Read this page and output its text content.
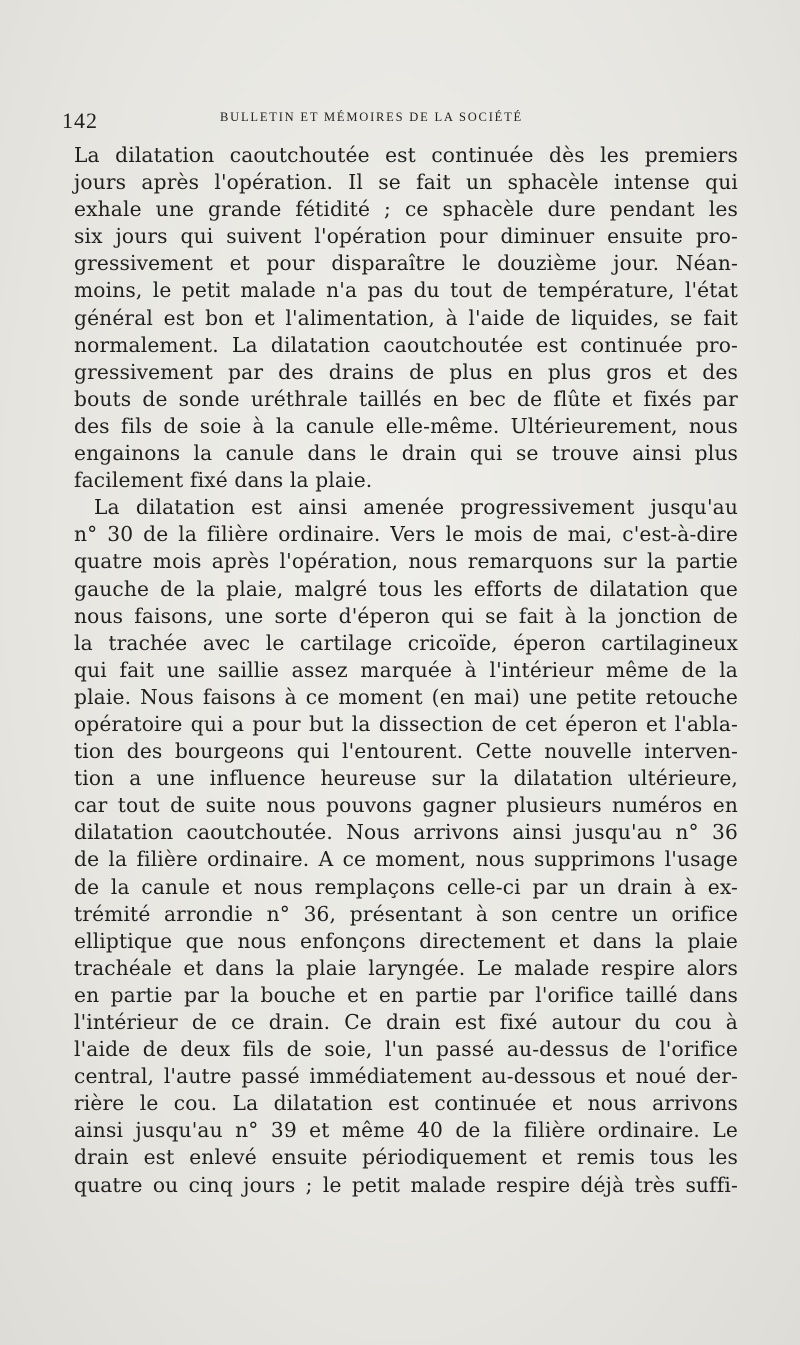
142	BULLETIN ET MÉMOIRES DE LA SOCIÉTÉ
La dilatation caoutchoutée est continuée dès les premiers
jours après l'opération. Il se fait un sphacèle intense qui
exhale une grande fétidité ; ce sphacèle dure pendant les
six jours qui suivent l'opération pour diminuer ensuite pro-
gressivement et pour disparaître le douzième jour. Néan-
moins, le petit malade n'a pas du tout de température, l'état
général est bon et l'alimentation, à l'aide de liquides, se fait
normalement. La dilatation caoutchoutée est continuée pro-
gressivement par des drains de plus en plus gros et des
bouts de sonde uréthrale taillés en bec de flûte et fixés par
des fils de soie à la canule elle-même. Ultérieurement, nous
engainons la canule dans le drain qui se trouve ainsi plus
facilement fixé dans la plaie.
La dilatation est ainsi amenée progressivement jusqu'au
n° 30 de la filière ordinaire. Vers le mois de mai, c'est-à-dire
quatre mois après l'opération, nous remarquons sur la partie
gauche de la plaie, malgré tous les efforts de dilatation que
nous faisons, une sorte d'éperon qui se fait à la jonction de
la trachée avec le cartilage cricoïde, éperon cartilagineux
qui fait une saillie assez marquée à l'intérieur même de la
plaie. Nous faisons à ce moment (en mai) une petite retouche
opératoire qui a pour but la dissection de cet éperon et l'abla-
tion des bourgeons qui l'entourent. Cette nouvelle interven-
tion a une influence heureuse sur la dilatation ultérieure,
car tout de suite nous pouvons gagner plusieurs numéros en
dilatation caoutchoutée. Nous arrivons ainsi jusqu'au n° 36
de la filière ordinaire. A ce moment, nous supprimons l'usage
de la canule et nous remplaçons celle-ci par un drain à ex-
trémité arrondie n° 36, présentant à son centre un orifice
elliptique que nous enfonçons directement et dans la plaie
trachéale et dans la plaie laryngée. Le malade respire alors
en partie par la bouche et en partie par l'orifice taillé dans
l'intérieur de ce drain. Ce drain est fixé autour du cou à
l'aide de deux fils de soie, l'un passé au-dessus de l'orifice
central, l'autre passé immédiatement au-dessous et noué der-
rière le cou. La dilatation est continuée et nous arrivons
ainsi jusqu'au n° 39 et même 40 de la filière ordinaire. Le
drain est enlevé ensuite périodiquement et remis tous les
quatre ou cinq jours ; le petit malade respire déjà très suffi-
